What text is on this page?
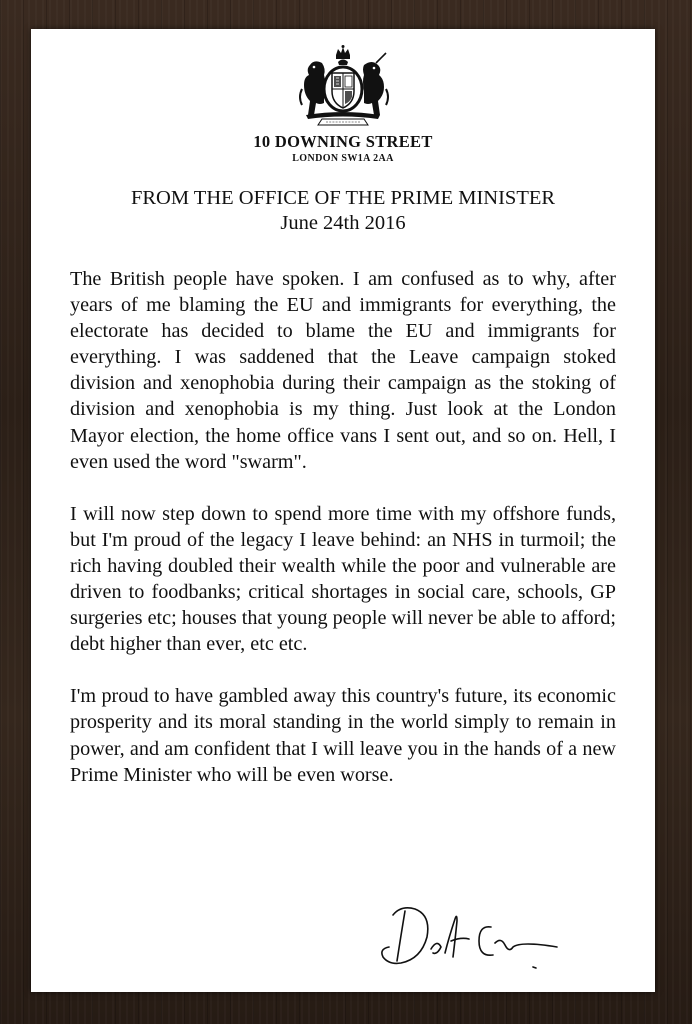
10 DOWNING STREET
LONDON SW1A 2AA
FROM THE OFFICE OF THE PRIME MINISTER
June 24th 2016

The British people have spoken. I am confused as to why, after years of me blaming the EU and immigrants for everything, the electorate has decided to blame the EU and immigrants for everything. I was saddened that the Leave campaign stoked division and xenophobia during their campaign as the stoking of division and xenophobia is my thing. Just look at the London Mayor election, the home office vans I sent out, and so on. Hell, I even used the word "swarm".

I will now step down to spend more time with my offshore funds, but I'm proud of the legacy I leave behind: an NHS in turmoil; the rich having doubled their wealth while the poor and vulnerable are driven to foodbanks; critical shortages in social care, schools, GP surgeries etc; houses that young people will never be able to afford; debt higher than ever, etc etc.

I'm proud to have gambled away this country's future, its economic prosperity and its moral standing in the world simply to remain in power, and am confident that I will leave you in the hands of a new Prime Minister who will be even worse.
